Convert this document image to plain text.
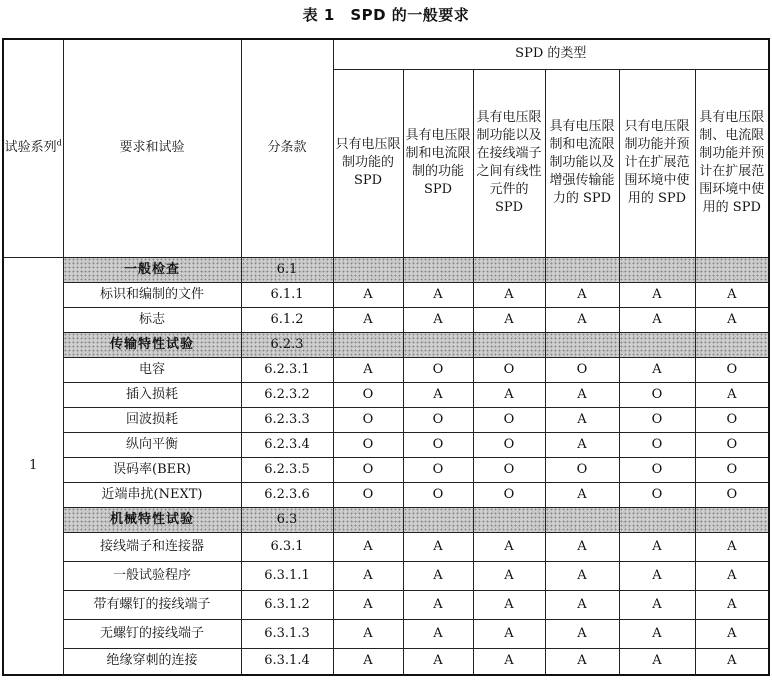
表 1　SPD 的一般要求
试验系列$^d$	要求和试验	分条款	SPD 的类型					
			只有电压限制功能的 SPD	具有电压限制和电流限制的功能 SPD	具有电压限制功能以及在接线端子之间有线性元件的 SPD	具有电压限制和电流限制功能以及增强传输能力的 SPD	只有电压限制功能并预计在扩展范围环境中使用的 SPD	具有电压限制、电流限制功能并预计在扩展范围环境中使用的 SPD
1	一般检查	6.1						
	标识和编制的文件	6.1.1	A	A	A	A	A	A
	标志	6.1.2	A	A	A	A	A	A
	传输特性试验	6.2.3						
	电容	6.2.3.1	A	O	O	O	A	O
	插入损耗	6.2.3.2	O	A	A	A	O	A
	回波损耗	6.2.3.3	O	O	O	A	O	O
	纵向平衡	6.2.3.4	O	O	O	A	O	O
	误码率(BER)	6.2.3.5	O	O	O	O	O	O
	近端串扰(NEXT)	6.2.3.6	O	O	O	A	O	O
	机械特性试验	6.3						
	接线端子和连接器	6.3.1	A	A	A	A	A	A
	一般试验程序	6.3.1.1	A	A	A	A	A	A
	带有螺钉的接线端子	6.3.1.2	A	A	A	A	A	A
	无螺钉的接线端子	6.3.1.3	A	A	A	A	A	A
	绝缘穿刺的连接	6.3.1.4	A	A	A	A	A	A
